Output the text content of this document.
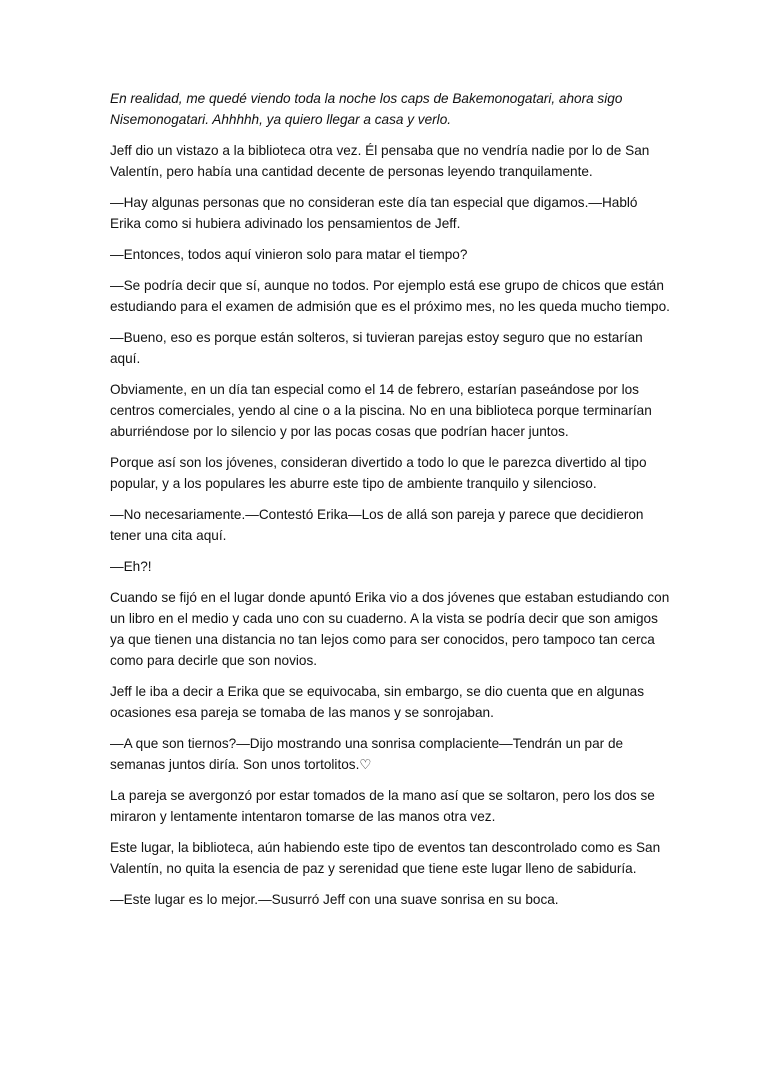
En realidad, me quedé viendo toda la noche los caps de Bakemonogatari, ahora sigo Nisemonogatari. Ahhhhh, ya quiero llegar a casa y verlo.

Jeff dio un vistazo a la biblioteca otra vez. Él pensaba que no vendría nadie por lo de San Valentín, pero había una cantidad decente de personas leyendo tranquilamente.

—Hay algunas personas que no consideran este día tan especial que digamos.—Habló Erika como si hubiera adivinado los pensamientos de Jeff.

—Entonces, todos aquí vinieron solo para matar el tiempo?

—Se podría decir que sí, aunque no todos. Por ejemplo está ese grupo de chicos que están estudiando para el examen de admisión que es el próximo mes, no les queda mucho tiempo.

—Bueno, eso es porque están solteros, si tuvieran parejas estoy seguro que no estarían aquí.

Obviamente, en un día tan especial como el 14 de febrero, estarían paseándose por los centros comerciales, yendo al cine o a la piscina. No en una biblioteca porque terminarían aburriéndose por lo silencio y por las pocas cosas que podrían hacer juntos.

Porque así son los jóvenes, consideran divertido a todo lo que le parezca divertido al tipo popular, y a los populares les aburre este tipo de ambiente tranquilo y silencioso.

—No necesariamente.—Contestó Erika—Los de allá son pareja y parece que decidieron tener una cita aquí.

—Eh?!

Cuando se fijó en el lugar donde apuntó Erika vio a dos jóvenes que estaban estudiando con un libro en el medio y cada uno con su cuaderno. A la vista se podría decir que son amigos ya que tienen una distancia no tan lejos como para ser conocidos, pero tampoco tan cerca como para decirle que son novios.

Jeff le iba a decir a Erika que se equivocaba, sin embargo, se dio cuenta que en algunas ocasiones esa pareja se tomaba de las manos y se sonrojaban.

—A que son tiernos?—Dijo mostrando una sonrisa complaciente—Tendrán un par de semanas juntos diría. Son unos tortolitos.♡

La pareja se avergonzó por estar tomados de la mano así que se soltaron, pero los dos se miraron y lentamente intentaron tomarse de las manos otra vez.

Este lugar, la biblioteca, aún habiendo este tipo de eventos tan descontrolado como es San Valentín, no quita la esencia de paz y serenidad que tiene este lugar lleno de sabiduría.

—Este lugar es lo mejor.—Susurró Jeff con una suave sonrisa en su boca.
